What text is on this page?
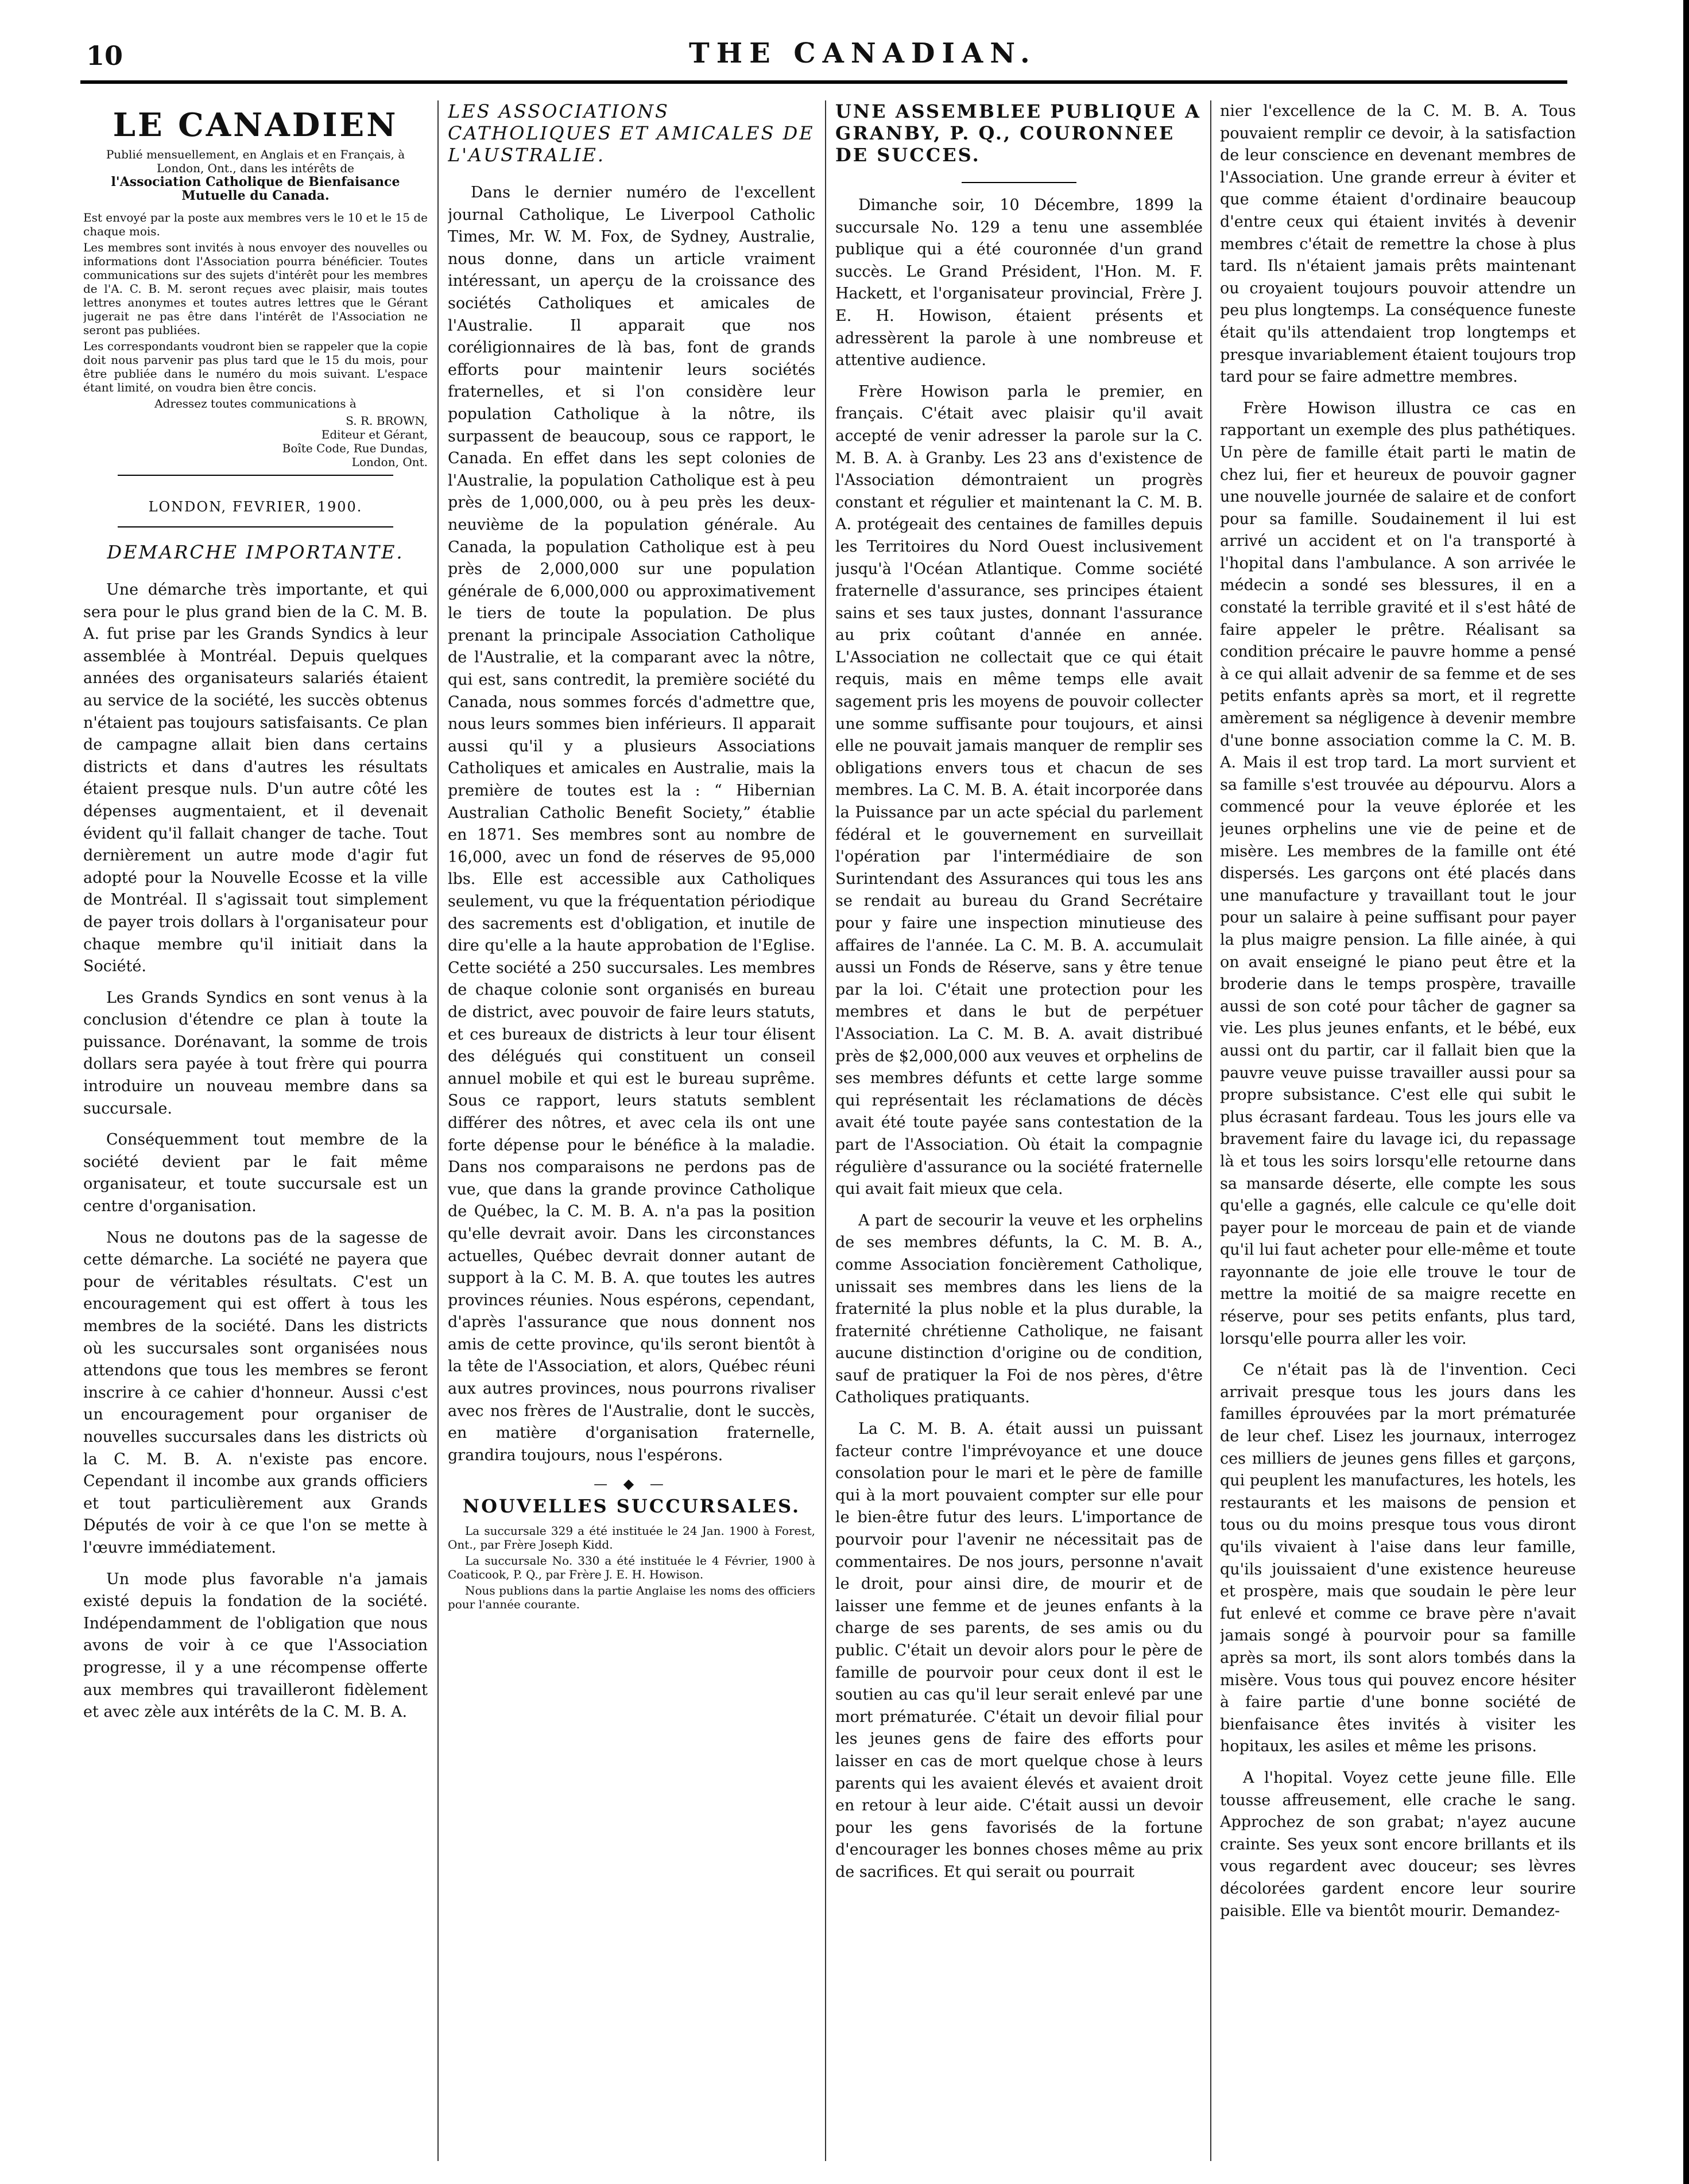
10	THE CANADIAN.
LE CANADIEN

Publié mensuellement, en Anglais et en Français, à London, Ont., dans les intérêts de

l'Association Catholique de Bienfaisance Mutuelle du Canada.

Est envoyé par la poste aux membres vers le 10 et le 15 de chaque mois.

Les membres sont invités à nous envoyer des nouvelles ou informations dont l'Association pourra bénéficier. Toutes communications sur des sujets d'intérêt pour les membres de l'A. C. B. M. seront reçues avec plaisir, mais toutes lettres anonymes et toutes autres lettres que le Gérant jugerait ne pas être dans l'intérêt de l'Association ne seront pas publiées.

Les correspondants voudront bien se rappeler que la copie doit nous parvenir pas plus tard que le 15 du mois, pour être publiée dans le numéro du mois suivant. L'espace étant limité, on voudra bien être concis.

Adressez toutes communications à

S. R. BROWN,

Editeur et Gérant,

Boîte Code, Rue Dundas,

London, Ont.

LONDON, FEVRIER, 1900.
DEMARCHE IMPORTANTE.

Une démarche très importante, et qui sera pour le plus grand bien de la C. M. B. A. fut prise par les Grands Syndics à leur assemblée à Montréal. Depuis quelques années des organisateurs salariés étaient au service de la société, les succès obtenus n'étaient pas toujours satisfaisants. Ce plan de campagne allait bien dans certains districts et dans d'autres les résultats étaient presque nuls. D'un autre côté les dépenses augmentaient, et il devenait évident qu'il fallait changer de tache. Tout dernièrement un autre mode d'agir fut adopté pour la Nouvelle Ecosse et la ville de Montréal. Il s'agissait tout simplement de payer trois dollars à l'organisateur pour chaque membre qu'il initiait dans la Société.

Les Grands Syndics en sont venus à la conclusion d'étendre ce plan à toute la puissance. Dorénavant, la somme de trois dollars sera payée à tout frère qui pourra introduire un nouveau membre dans sa succursale.

Conséquemment tout membre de la société devient par le fait même organisateur, et toute succursale est un centre d'organisation.

Nous ne doutons pas de la sagesse de cette démarche. La société ne payera que pour de véritables résultats. C'est un encouragement qui est offert à tous les membres de la société. Dans les districts où les succursales sont organisées nous attendons que tous les membres se feront inscrire à ce cahier d'honneur. Aussi c'est un encouragement pour organiser de nouvelles succursales dans les districts où la C. M. B. A. n'existe pas encore. Cependant il incombe aux grands officiers et tout particulièrement aux Grands Députés de voir à ce que l'on se mette à l'œuvre immédiatement.

Un mode plus favorable n'a jamais existé depuis la fondation de la société. Indépendamment de l'obligation que nous avons de voir à ce que l'Association progresse, il y a une récompense offerte aux membres qui travailleront fidèlement et avec zèle aux intérêts de la C. M. B. A.

LES ASSOCIATIONS CATHOLIQUES ET AMICALES DE L'AUSTRALIE.

Dans le dernier numéro de l'excellent journal Catholique, Le Liverpool Catholic Times, Mr. W. M. Fox, de Sydney, Australie, nous donne, dans un article vraiment intéressant, un aperçu de la croissance des sociétés Catholiques et amicales de l'Australie. Il apparait que nos coréligionnaires de là bas, font de grands efforts pour maintenir leurs sociétés fraternelles, et si l'on considère leur population Catholique à la nôtre, ils surpassent de beaucoup, sous ce rapport, le Canada. En effet dans les sept colonies de l'Australie, la population Catholique est à peu près de 1,000,000, ou à peu près les deux-neuvième de la population générale. Au Canada, la population Catholique est à peu près de 2,000,000 sur une population générale de 6,000,000 ou approximativement le tiers de toute la population. De plus prenant la principale Association Catholique de l'Australie, et la comparant avec la nôtre, qui est, sans contredit, la première société du Canada, nous sommes forcés d'admettre que, nous leurs sommes bien inférieurs. Il apparait aussi qu'il y a plusieurs Associations Catholiques et amicales en Australie, mais la première de toutes est la : “ Hibernian Australian Catholic Benefit Society,” établie en 1871. Ses membres sont au nombre de 16,000, avec un fond de réserves de 95,000 lbs. Elle est accessible aux Catholiques seulement, vu que la fréquentation périodique des sacrements est d'obligation, et inutile de dire qu'elle a la haute approbation de l'Eglise. Cette société a 250 succursales. Les membres de chaque colonie sont organisés en bureau de district, avec pouvoir de faire leurs statuts, et ces bureaux de districts à leur tour élisent des délégués qui constituent un conseil annuel mobile et qui est le bureau suprême. Sous ce rapport, leurs statuts semblent différer des nôtres, et avec cela ils ont une forte dépense pour le bénéfice à la maladie. Dans nos comparaisons ne perdons pas de vue, que dans la grande province Catholique de Québec, la C. M. B. A. n'a pas la position qu'elle devrait avoir. Dans les circonstances actuelles, Québec devrait donner autant de support à la C. M. B. A. que toutes les autres provinces réunies. Nous espérons, cependant, d'après l'assurance que nous donnent nos amis de cette province, qu'ils seront bientôt à la tête de l'Association, et alors, Québec réuni aux autres provinces, nous pourrons rivaliser avec nos frères de l'Australie, dont le succès, en matière d'organisation fraternelle, grandira toujours, nous l'espérons.

— ◆ —
NOUVELLES SUCCURSALES.

La succursale 329 a été instituée le 24 Jan. 1900 à Forest, Ont., par Frère Joseph Kidd.

La succursale No. 330 a été instituée le 4 Février, 1900 à Coaticook, P. Q., par Frère J. E. H. Howison.

Nous publions dans la partie Anglaise les noms des officiers pour l'année courante.

UNE ASSEMBLEE PUBLIQUE A GRANBY, P. Q., COURONNEE DE SUCCES.

Dimanche soir, 10 Décembre, 1899 la succursale No. 129 a tenu une assemblée publique qui a été couronnée d'un grand succès. Le Grand Président, l'Hon. M. F. Hackett, et l'organisateur provincial, Frère J. E. H. Howison, étaient présents et adressèrent la parole à une nombreuse et attentive audience.

Frère Howison parla le premier, en français. C'était avec plaisir qu'il avait accepté de venir adresser la parole sur la C. M. B. A. à Granby. Les 23 ans d'existence de l'Association démontraient un progrès constant et régulier et maintenant la C. M. B. A. protégeait des centaines de familles depuis les Territoires du Nord Ouest inclusivement jusqu'à l'Océan Atlantique. Comme société fraternelle d'assurance, ses principes étaient sains et ses taux justes, donnant l'assurance au prix coûtant d'année en année. L'Association ne collectait que ce qui était requis, mais en même temps elle avait sagement pris les moyens de pouvoir collecter une somme suffisante pour toujours, et ainsi elle ne pouvait jamais manquer de remplir ses obligations envers tous et chacun de ses membres. La C. M. B. A. était incorporée dans la Puissance par un acte spécial du parlement fédéral et le gouvernement en surveillait l'opération par l'intermédiaire de son Surintendant des Assurances qui tous les ans se rendait au bureau du Grand Secrétaire pour y faire une inspection minutieuse des affaires de l'année. La C. M. B. A. accumulait aussi un Fonds de Réserve, sans y être tenue par la loi. C'était une protection pour les membres et dans le but de perpétuer l'Association. La C. M. B. A. avait distribué près de $2,000,000 aux veuves et orphelins de ses membres défunts et cette large somme qui représentait les réclamations de décès avait été toute payée sans contestation de la part de l'Association. Où était la compagnie régulière d'assurance ou la société fraternelle qui avait fait mieux que cela.

A part de secourir la veuve et les orphelins de ses membres défunts, la C. M. B. A., comme Association foncièrement Catholique, unissait ses membres dans les liens de la fraternité la plus noble et la plus durable, la fraternité chrétienne Catholique, ne faisant aucune distinction d'origine ou de condition, sauf de pratiquer la Foi de nos pères, d'être Catholiques pratiquants.

La C. M. B. A. était aussi un puissant facteur contre l'imprévoyance et une douce consolation pour le mari et le père de famille qui à la mort pouvaient compter sur elle pour le bien-être futur des leurs. L'importance de pourvoir pour l'avenir ne nécessitait pas de commentaires. De nos jours, personne n'avait le droit, pour ainsi dire, de mourir et de laisser une femme et de jeunes enfants à la charge de ses parents, de ses amis ou du public. C'était un devoir alors pour le père de famille de pourvoir pour ceux dont il est le soutien au cas qu'il leur serait enlevé par une mort prématurée. C'était un devoir filial pour les jeunes gens de faire des efforts pour laisser en cas de mort quelque chose à leurs parents qui les avaient élevés et avaient droit en retour à leur aide. C'était aussi un devoir pour les gens favorisés de la fortune d'encourager les bonnes choses même au prix de sacrifices. Et qui serait ou pourrait

nier l'excellence de la C. M. B. A. Tous pouvaient remplir ce devoir, à la satisfaction de leur conscience en devenant membres de l'Association. Une grande erreur à éviter et que comme étaient d'ordinaire beaucoup d'entre ceux qui étaient invités à devenir membres c'était de remettre la chose à plus tard. Ils n'étaient jamais prêts maintenant ou croyaient toujours pouvoir attendre un peu plus longtemps. La conséquence funeste était qu'ils attendaient trop longtemps et presque invariablement étaient toujours trop tard pour se faire admettre membres.

Frère Howison illustra ce cas en rapportant un exemple des plus pathétiques. Un père de famille était parti le matin de chez lui, fier et heureux de pouvoir gagner une nouvelle journée de salaire et de confort pour sa famille. Soudainement il lui est arrivé un accident et on l'a transporté à l'hopital dans l'ambulance. A son arrivée le médecin a sondé ses blessures, il en a constaté la terrible gravité et il s'est hâté de faire appeler le prêtre. Réalisant sa condition précaire le pauvre homme a pensé à ce qui allait advenir de sa femme et de ses petits enfants après sa mort, et il regrette amèrement sa négligence à devenir membre d'une bonne association comme la C. M. B. A. Mais il est trop tard. La mort survient et sa famille s'est trouvée au dépourvu. Alors a commencé pour la veuve éplorée et les jeunes orphelins une vie de peine et de misère. Les membres de la famille ont été dispersés. Les garçons ont été placés dans une manufacture y travaillant tout le jour pour un salaire à peine suffisant pour payer la plus maigre pension. La fille ainée, à qui on avait enseigné le piano peut être et la broderie dans le temps prospère, travaille aussi de son coté pour tâcher de gagner sa vie. Les plus jeunes enfants, et le bébé, eux aussi ont du partir, car il fallait bien que la pauvre veuve puisse travailler aussi pour sa propre subsistance. C'est elle qui subit le plus écrasant fardeau. Tous les jours elle va bravement faire du lavage ici, du repassage là et tous les soirs lorsqu'elle retourne dans sa mansarde déserte, elle compte les sous qu'elle a gagnés, elle calcule ce qu'elle doit payer pour le morceau de pain et de viande qu'il lui faut acheter pour elle-même et toute rayonnante de joie elle trouve le tour de mettre la moitié de sa maigre recette en réserve, pour ses petits enfants, plus tard, lorsqu'elle pourra aller les voir.

Ce n'était pas là de l'invention. Ceci arrivait presque tous les jours dans les familles éprouvées par la mort prématurée de leur chef. Lisez les journaux, interrogez ces milliers de jeunes gens filles et garçons, qui peuplent les manufactures, les hotels, les restaurants et les maisons de pension et tous ou du moins presque tous vous diront qu'ils vivaient à l'aise dans leur famille, qu'ils jouissaient d'une existence heureuse et prospère, mais que soudain le père leur fut enlevé et comme ce brave père n'avait jamais songé à pourvoir pour sa famille après sa mort, ils sont alors tombés dans la misère. Vous tous qui pouvez encore hésiter à faire partie d'une bonne société de bienfaisance êtes invités à visiter les hopitaux, les asiles et même les prisons.

A l'hopital. Voyez cette jeune fille. Elle tousse affreusement, elle crache le sang. Approchez de son grabat; n'ayez aucune crainte. Ses yeux sont encore brillants et ils vous regardent avec douceur; ses lèvres décolorées gardent encore leur sourire paisible. Elle va bientôt mourir. Demandez-
